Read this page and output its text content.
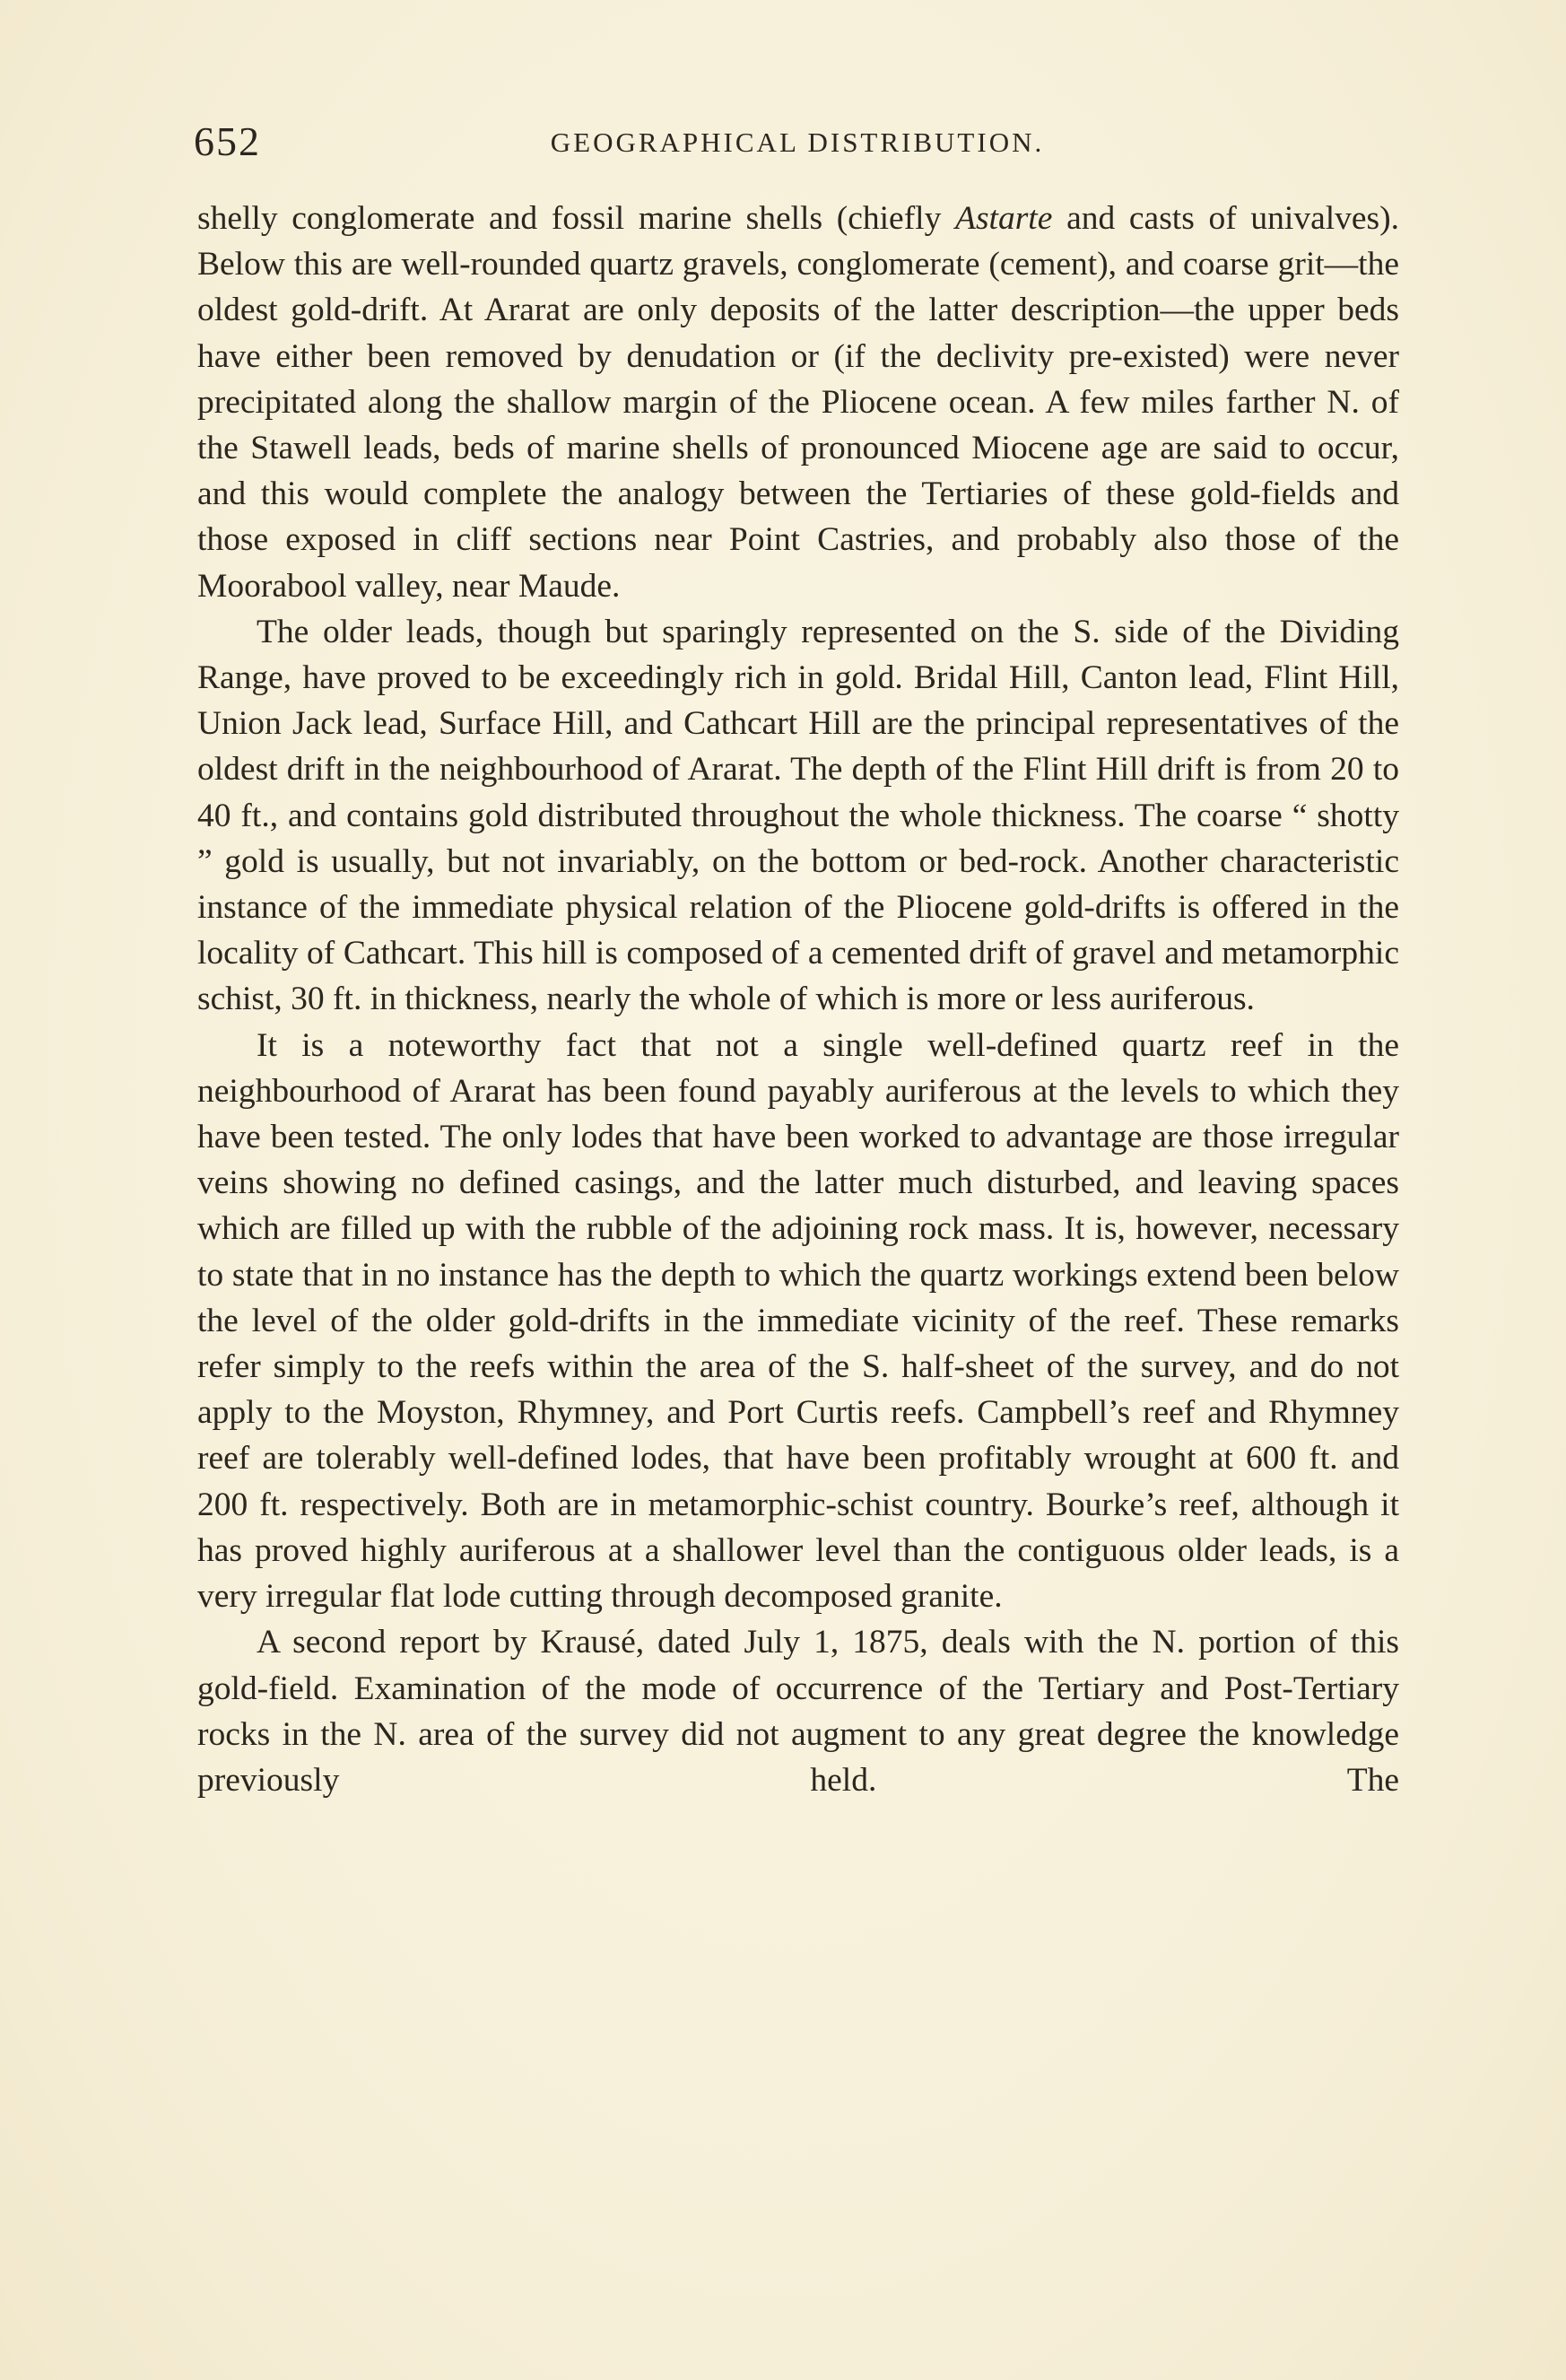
652	GEOGRAPHICAL DISTRIBUTION.

shelly conglomerate and fossil marine shells (chiefly Astarte and casts of univalves). Below this are well-rounded quartz gravels, conglomerate (cement), and coarse grit—the oldest gold-drift. At Ararat are only deposits of the latter description—the upper beds have either been removed by denudation or (if the declivity pre-existed) were never precipitated along the shallow margin of the Pliocene ocean. A few miles farther N. of the Stawell leads, beds of marine shells of pronounced Miocene age are said to occur, and this would complete the analogy between the Tertiaries of these gold-fields and those exposed in cliff sections near Point Castries, and probably also those of the Moorabool valley, near Maude.

The older leads, though but sparingly represented on the S. side of the Dividing Range, have proved to be exceedingly rich in gold. Bridal Hill, Canton lead, Flint Hill, Union Jack lead, Surface Hill, and Cathcart Hill are the principal representatives of the oldest drift in the neighbourhood of Ararat. The depth of the Flint Hill drift is from 20 to 40 ft., and contains gold distributed throughout the whole thickness. The coarse “ shotty ” gold is usually, but not invariably, on the bottom or bed-rock. Another characteristic instance of the immediate physical relation of the Pliocene gold-drifts is offered in the locality of Cathcart. This hill is composed of a cemented drift of gravel and metamorphic schist, 30 ft. in thickness, nearly the whole of which is more or less auriferous.

It is a noteworthy fact that not a single well-defined quartz reef in the neighbourhood of Ararat has been found payably auriferous at the levels to which they have been tested. The only lodes that have been worked to advantage are those irregular veins showing no defined casings, and the latter much disturbed, and leaving spaces which are filled up with the rubble of the adjoining rock mass. It is, however, necessary to state that in no instance has the depth to which the quartz workings extend been below the level of the older gold-drifts in the immediate vicinity of the reef. These remarks refer simply to the reefs within the area of the S. half-sheet of the survey, and do not apply to the Moyston, Rhymney, and Port Curtis reefs. Campbell’s reef and Rhymney reef are tolerably well-defined lodes, that have been profitably wrought at 600 ft. and 200 ft. respectively. Both are in metamorphic-schist country. Bourke’s reef, although it has proved highly auriferous at a shallower level than the contiguous older leads, is a very irregular flat lode cutting through decomposed granite.

A second report by Krausé, dated July 1, 1875, deals with the N. portion of this gold-field. Examination of the mode of occurrence of the Tertiary and Post-Tertiary rocks in the N. area of the survey did not augment to any great degree the knowledge previously held. The
